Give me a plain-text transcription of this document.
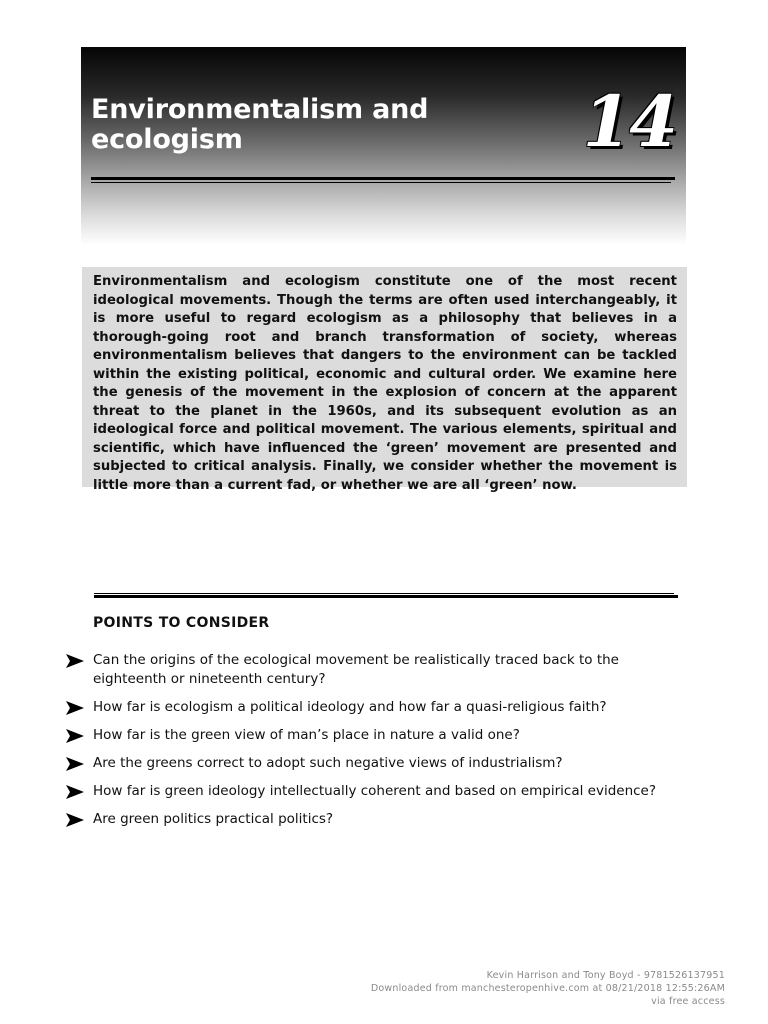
Environmentalism and
ecologism	14

Environmentalism and ecologism constitute one of the most recent ideological movements. Though the terms are often used interchangeably, it is more useful to regard ecologism as a philosophy that believes in a thorough-going root and branch transformation of society, whereas environmentalism believes that dangers to the environment can be tackled within the existing political, economic and cultural order. We examine here the genesis of the movement in the explosion of concern at the apparent threat to the planet in the 1960s, and its subsequent evolution as an ideological force and political movement. The various elements, spiritual and scientific, which have influenced the ‘green’ movement are presented and subjected to critical analysis. Finally, we consider whether the movement is little more than a current fad, or whether we are all ‘green’ now.

POINTS TO CONSIDER
Can the origins of the ecological movement be realistically traced back to the eighteenth or nineteenth century?
How far is ecologism a political ideology and how far a quasi-religious faith?
How far is the green view of man’s place in nature a valid one?
Are the greens correct to adopt such negative views of industrialism?
How far is green ideology intellectually coherent and based on empirical evidence?
Are green politics practical politics?
Kevin Harrison and Tony Boyd - 9781526137951
Downloaded from manchesteropenhive.com at 08/21/2018 12:55:26AM
via free access
